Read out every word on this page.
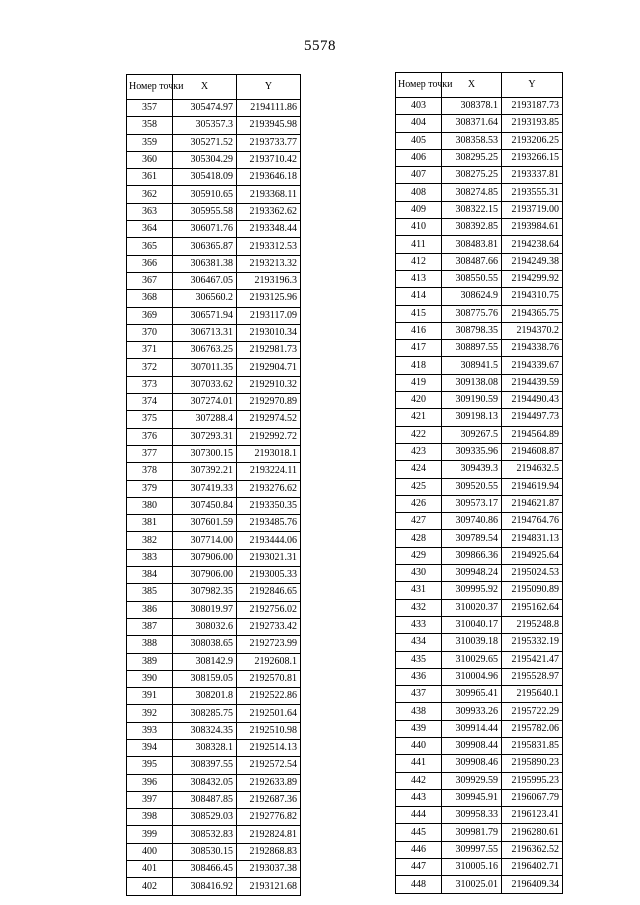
5578
Номер точки	X	Y
357	305474.97	2194111.86
358	305357.3	2193945.98
359	305271.52	2193733.77
360	305304.29	2193710.42
361	305418.09	2193646.18
362	305910.65	2193368.11
363	305955.58	2193362.62
364	306071.76	2193348.44
365	306365.87	2193312.53
366	306381.38	2193213.32
367	306467.05	2193196.3
368	306560.2	2193125.96
369	306571.94	2193117.09
370	306713.31	2193010.34
371	306763.25	2192981.73
372	307011.35	2192904.71
373	307033.62	2192910.32
374	307274.01	2192970.89
375	307288.4	2192974.52
376	307293.31	2192992.72
377	307300.15	2193018.1
378	307392.21	2193224.11
379	307419.33	2193276.62
380	307450.84	2193350.35
381	307601.59	2193485.76
382	307714.00	2193444.06
383	307906.00	2193021.31
384	307906.00	2193005.33
385	307982.35	2192846.65
386	308019.97	2192756.02
387	308032.6	2192733.42
388	308038.65	2192723.99
389	308142.9	2192608.1
390	308159.05	2192570.81
391	308201.8	2192522.86
392	308285.75	2192501.64
393	308324.35	2192510.98
394	308328.1	2192514.13
395	308397.55	2192572.54
396	308432.05	2192633.89
397	308487.85	2192687.36
398	308529.03	2192776.82
399	308532.83	2192824.81
400	308530.15	2192868.83
401	308466.45	2193037.38
402	308416.92	2193121.68
Номер точки	X	Y
403	308378.1	2193187.73
404	308371.64	2193193.85
405	308358.53	2193206.25
406	308295.25	2193266.15
407	308275.25	2193337.81
408	308274.85	2193555.31
409	308322.15	2193719.00
410	308392.85	2193984.61
411	308483.81	2194238.64
412	308487.66	2194249.38
413	308550.55	2194299.92
414	308624.9	2194310.75
415	308775.76	2194365.75
416	308798.35	2194370.2
417	308897.55	2194338.76
418	308941.5	2194339.67
419	309138.08	2194439.59
420	309190.59	2194490.43
421	309198.13	2194497.73
422	309267.5	2194564.89
423	309335.96	2194608.87
424	309439.3	2194632.5
425	309520.55	2194619.94
426	309573.17	2194621.87
427	309740.86	2194764.76
428	309789.54	2194831.13
429	309866.36	2194925.64
430	309948.24	2195024.53
431	309995.92	2195090.89
432	310020.37	2195162.64
433	310040.17	2195248.8
434	310039.18	2195332.19
435	310029.65	2195421.47
436	310004.96	2195528.97
437	309965.41	2195640.1
438	309933.26	2195722.29
439	309914.44	2195782.06
440	309908.44	2195831.85
441	309908.46	2195890.23
442	309929.59	2195995.23
443	309945.91	2196067.79
444	309958.33	2196123.41
445	309981.79	2196280.61
446	309997.55	2196362.52
447	310005.16	2196402.71
448	310025.01	2196409.34
